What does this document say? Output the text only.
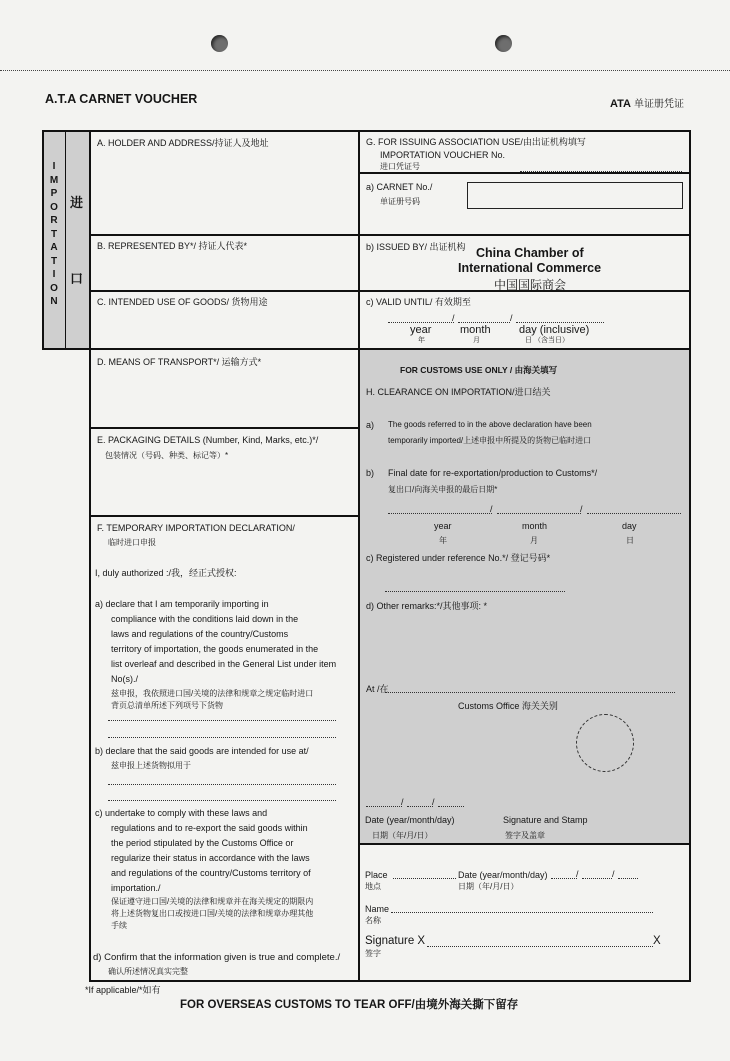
A.T.A CARNET VOUCHER	ATA 单证册凭证
I
M
P
O
R
T
A
T
I
O
N
进
口
A. HOLDER AND ADDRESS/持证人及地址
B. REPRESENTED BY*/ 持证人代表*
C. INTENDED USE OF GOODS/ 货物用途
D. MEANS OF TRANSPORT*/ 运输方式*
E. PACKAGING DETAILS (Number, Kind, Marks, etc.)*/
包装情况（号码、种类、标记等）*
F. TEMPORARY IMPORTATION DECLARATION/
临时进口申报
I, duly authorized :/我，经正式授权:
a) declare that I am temporarily importing in
compliance with the conditions laid down in the
laws and regulations of the country/Customs
territory of importation, the goods enumerated in the
list overleaf and described in the General List under item
No(s)./
兹申报，我依照进口国/关境的法律和规章之规定临时进口
背页总清单所述下列项号下货物
b) declare that the said goods are intended for use at/
兹申报上述货物拟用于
c) undertake to comply with these laws and
regulations and to re-export the said goods within
the period stipulated by the Customs Office or
regularize their status in accordance with the laws
and regulations of the country/Customs territory of
importation./
保证遵守进口国/关境的法律和规章并在海关规定的期限内
将上述货物复出口或按进口国/关境的法律和规章办理其他
手续
d) Confirm that the information given is true and complete./
确认所述情况真实完整
G. FOR ISSUING ASSOCIATION USE/由出证机构填写
IMPORTATION VOUCHER No.
进口凭证号
a) CARNET No./
单证册号码
b) ISSUED BY/ 出证机构 China Chamber of
International Commerce
中国国际商会
c) VALID UNTIL/ 有效期至
/	/
year	month	day (inclusive)
年	月	日 （含当日）
FOR CUSTOMS USE ONLY / 由海关填写
H. CLEARANCE ON IMPORTATION/进口结关
a) The goods referred to in the above declaration have been
temporarily imported/上述申报中所提及的货物已临时进口
b) Final date for re-exportation/production to Customs*/
复出口/向海关申报的最后日期*
/	/
year	month	day
年	月	日
c) Registered under reference No.*/ 登记号码*
d) Other remarks:*/其他事项: *
At /在
Customs Office 海关关别
/	/
Date (year/month/day)
日期（年/月/日）
Signature and Stamp
签字及盖章
Place	Date (year/month/day)	/	/
地点	日期（年/月/日）
Name
名称
Signature X	X
签字
*If applicable/*如有
FOR OVERSEAS CUSTOMS TO TEAR OFF/由境外海关撕下留存
